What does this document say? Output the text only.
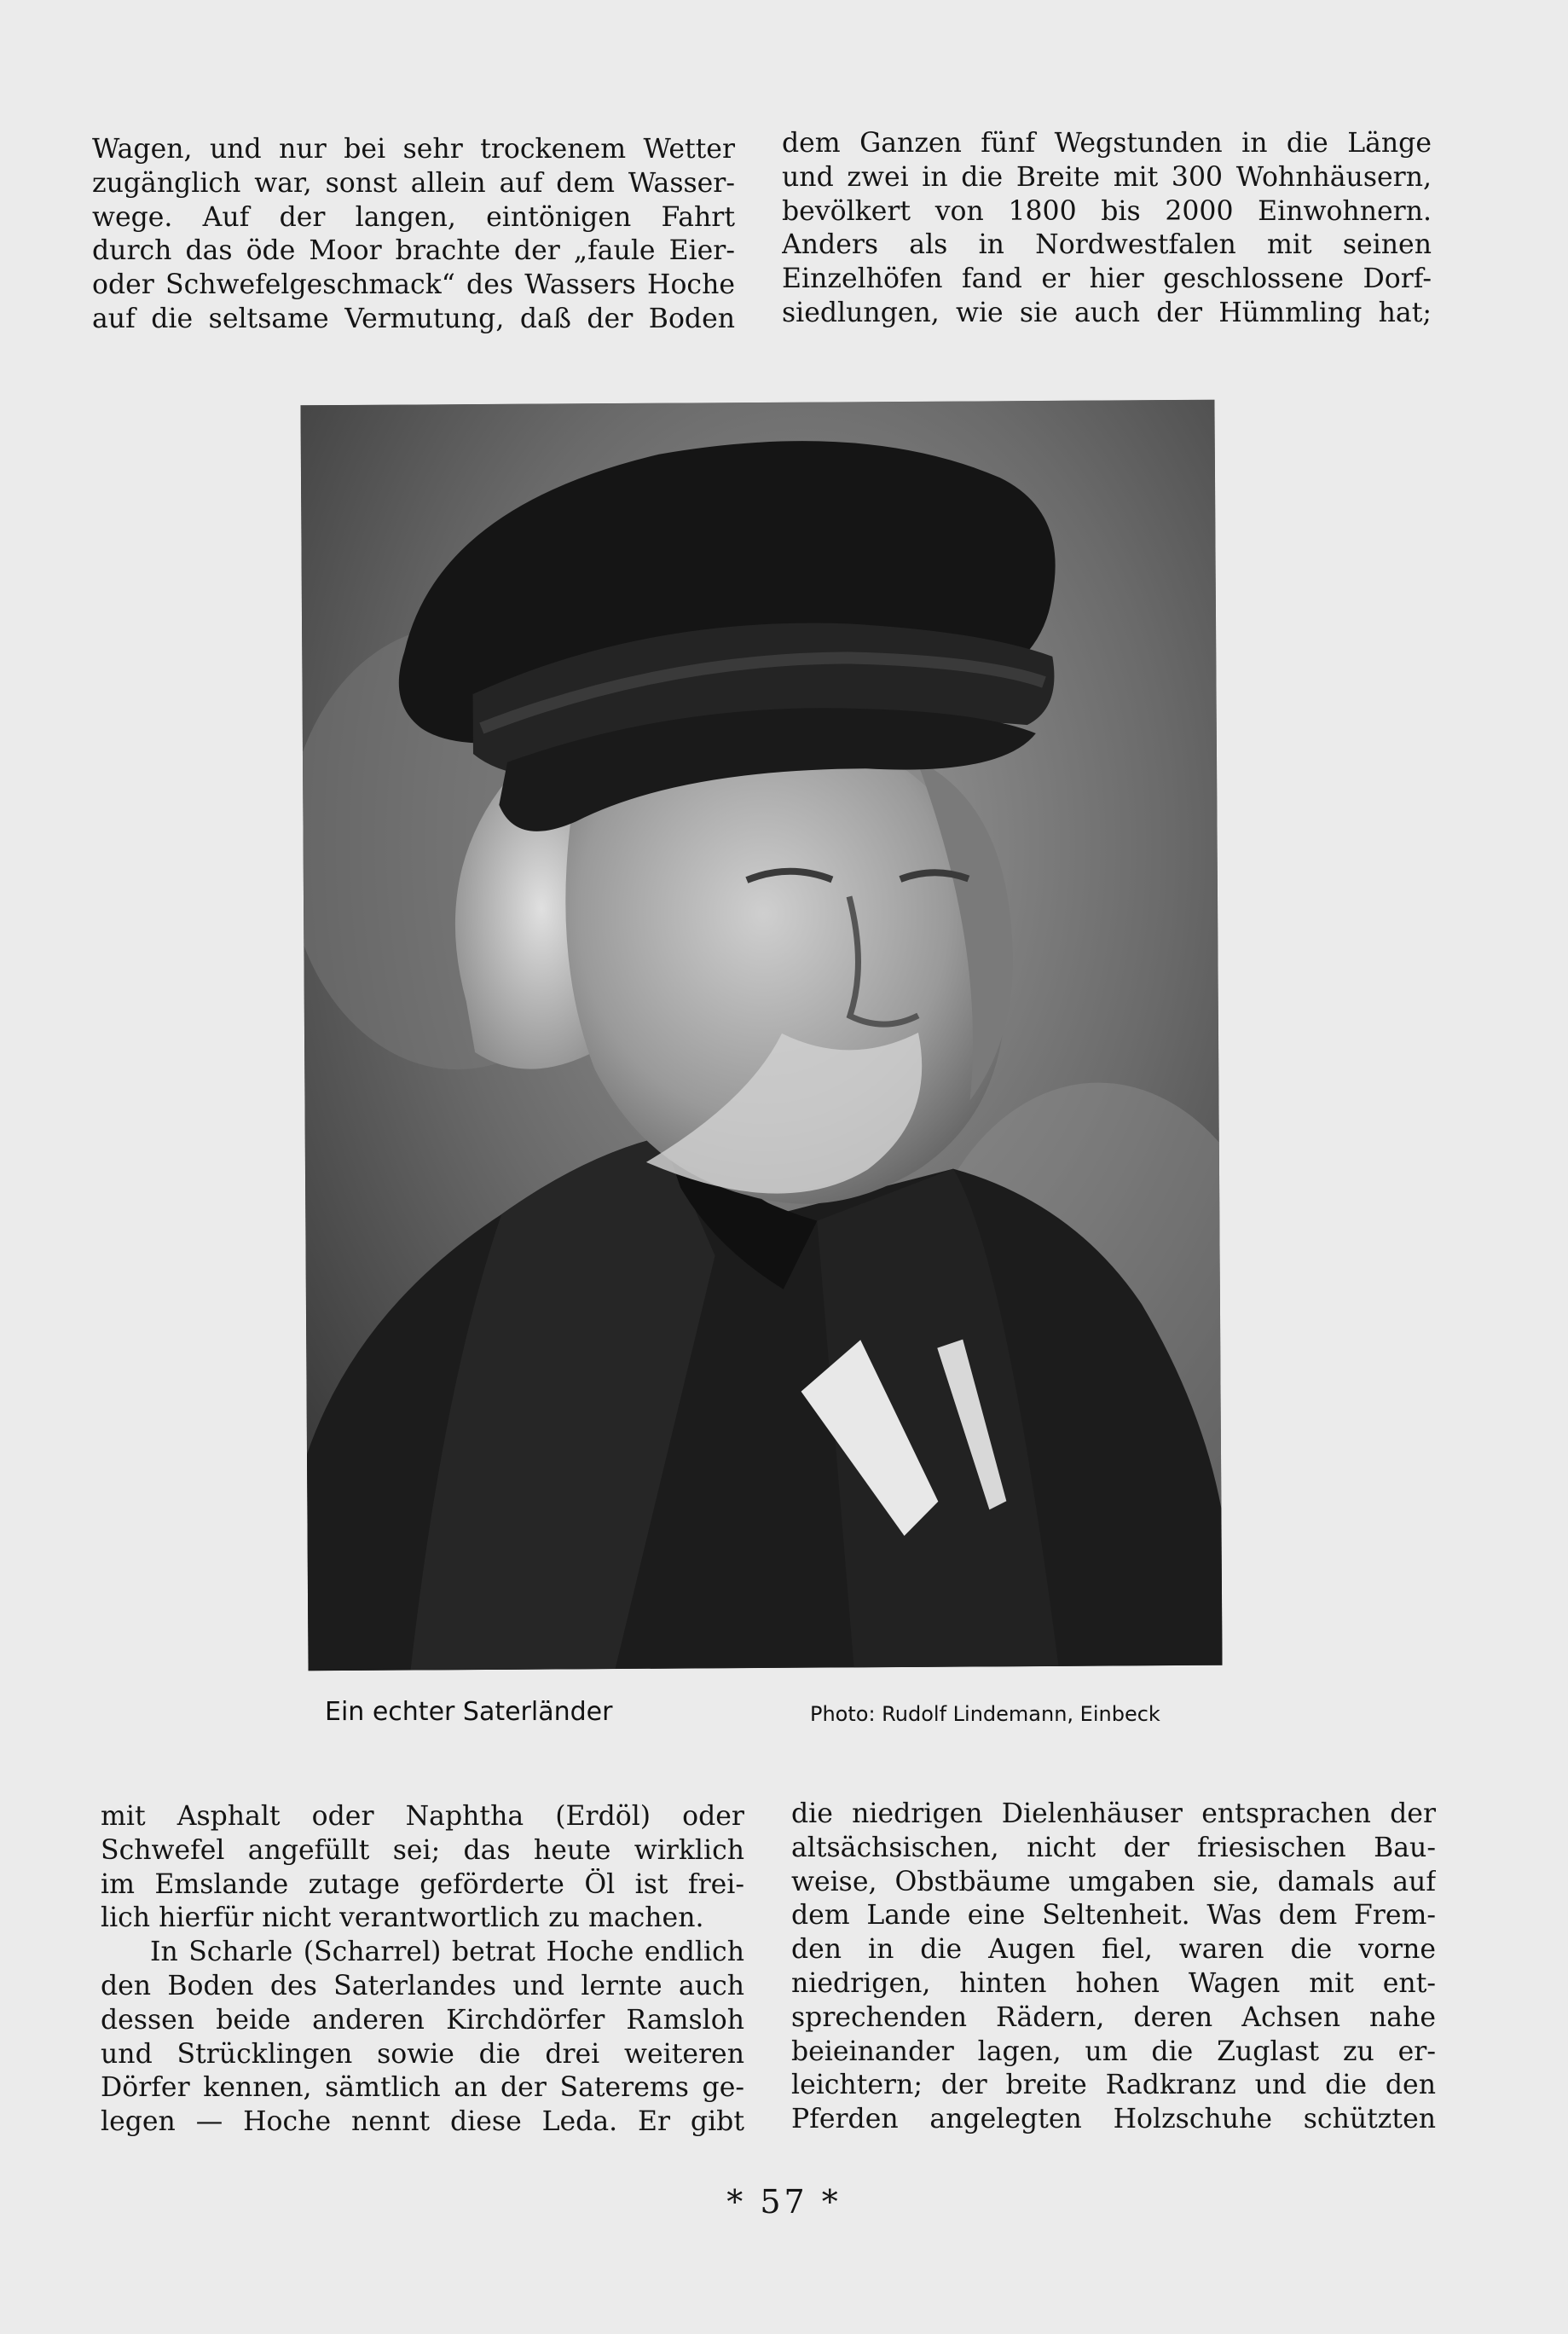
Wagen, und nur bei sehr trockenem Wetter
zugänglich war, sonst allein auf dem Wasser-
wege. Auf der langen, eintönigen Fahrt
durch das öde Moor brachte der „faule Eier-
oder Schwefelgeschmack“ des Wassers Hoche
auf die seltsame Vermutung, daß der Boden
dem Ganzen fünf Wegstunden in die Länge
und zwei in die Breite mit 300 Wohnhäusern,
bevölkert von 1800 bis 2000 Einwohnern.
Anders als in Nordwestfalen mit seinen
Einzelhöfen fand er hier geschlossene Dorf-
siedlungen, wie sie auch der Hümmling hat;
Ein echter Saterländer	Photo: Rudolf Lindemann, Einbeck
mit Asphalt oder Naphtha (Erdöl) oder
Schwefel angefüllt sei; das heute wirklich
im Emslande zutage geförderte Öl ist frei-
lich hierfür nicht verantwortlich zu machen.
In Scharle (Scharrel) betrat Hoche endlich
den Boden des Saterlandes und lernte auch
dessen beide anderen Kirchdörfer Ramsloh
und Strücklingen sowie die drei weiteren
Dörfer kennen, sämtlich an der Saterems ge-
legen — Hoche nennt diese Leda. Er gibt
die niedrigen Dielenhäuser entsprachen der
altsächsischen, nicht der friesischen Bau-
weise, Obstbäume umgaben sie, damals auf
dem Lande eine Seltenheit. Was dem Frem-
den in die Augen fiel, waren die vorne
niedrigen, hinten hohen Wagen mit ent-
sprechenden Rädern, deren Achsen nahe
beieinander lagen, um die Zuglast zu er-
leichtern; der breite Radkranz und die den
Pferden angelegten Holzschuhe schützten
* 57 *
